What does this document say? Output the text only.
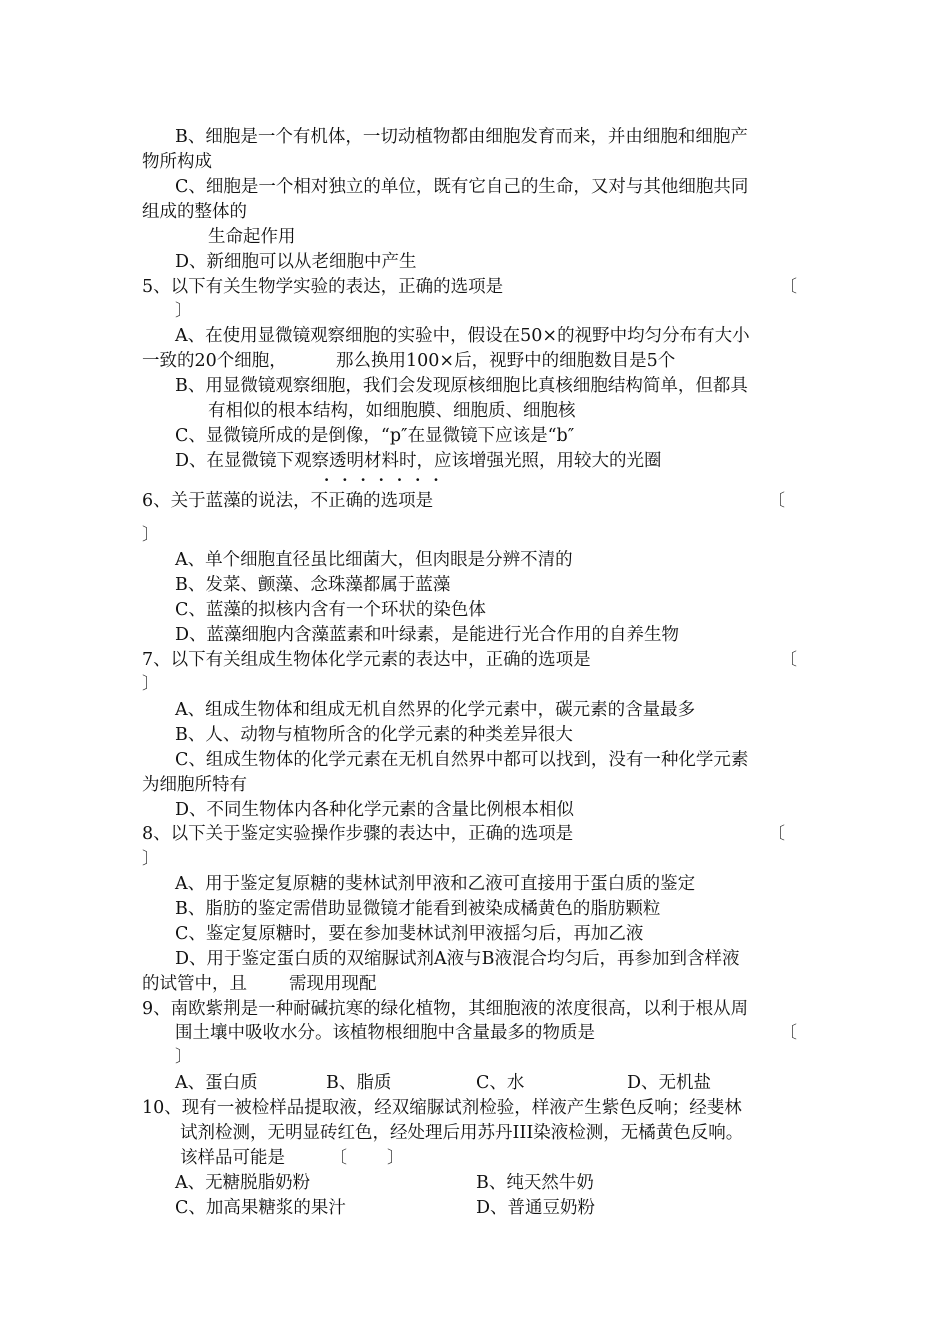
B、细胞是一个有机体，一切动植物都由细胞发育而来，并由细胞和细胞产
物所构成
C、细胞是一个相对独立的单位，既有它自己的生命，又对与其他细胞共同
组成的整体的
生命起作用
D、新细胞可以从老细胞中产生
5、以下有关生物学实验的表达，正确的选项是	〔
〕
A、在使用显微镜观察细胞的实验中，假设在50×的视野中均匀分布有大小
一致的20个细胞，	那么换用100×后，视野中的细胞数目是5个
B、用显微镜观察细胞，我们会发现原核细胞比真核细胞结构简单，但都具
有相似的根本结构，如细胞膜、细胞质、细胞核
C、显微镜所成的是倒像，“p″在显微镜下应该是“b″
D、在显微镜下观察透明材料时，应该增强光照，用较大的光圈
·······
6、关于蓝藻的说法，不正确的选项是	〔
〕
A、单个细胞直径虽比细菌大，但肉眼是分辨不清的
B、发菜、颤藻、念珠藻都属于蓝藻
C、蓝藻的拟核内含有一个环状的染色体
D、蓝藻细胞内含藻蓝素和叶绿素，是能进行光合作用的自养生物
7、以下有关组成生物体化学元素的表达中，正确的选项是	〔
〕
A、组成生物体和组成无机自然界的化学元素中，碳元素的含量最多
B、人、动物与植物所含的化学元素的种类差异很大
C、组成生物体的化学元素在无机自然界中都可以找到，没有一种化学元素
为细胞所特有
D、不同生物体内各种化学元素的含量比例根本相似
8、以下关于鉴定实验操作步骤的表达中，正确的选项是	〔
〕
A、用于鉴定复原糖的斐林试剂甲液和乙液可直接用于蛋白质的鉴定
B、脂肪的鉴定需借助显微镜才能看到被染成橘黄色的脂肪颗粒
C、鉴定复原糖时，要在参加斐林试剂甲液摇匀后，再加乙液
D、用于鉴定蛋白质的双缩脲试剂A液与B液混合均匀后，再参加到含样液
的试管中，且 需现用现配
9、南欧紫荆是一种耐碱抗寒的绿化植物，其细胞液的浓度很高，以利于根从周
围土壤中吸收水分。该植物根细胞中含量最多的物质是	〔
〕
A、蛋白质	B、脂质	C、水	D、无机盐
10、现有一被检样品提取液，经双缩脲试剂检验，样液产生紫色反响；经斐林
试剂检测，无明显砖红色，经处理后用苏丹III染液检测，无橘黄色反响。
该样品可能是	〔　　〕
A、无糖脱脂奶粉	B、纯天然牛奶
C、加高果糖浆的果汁	D、普通豆奶粉
